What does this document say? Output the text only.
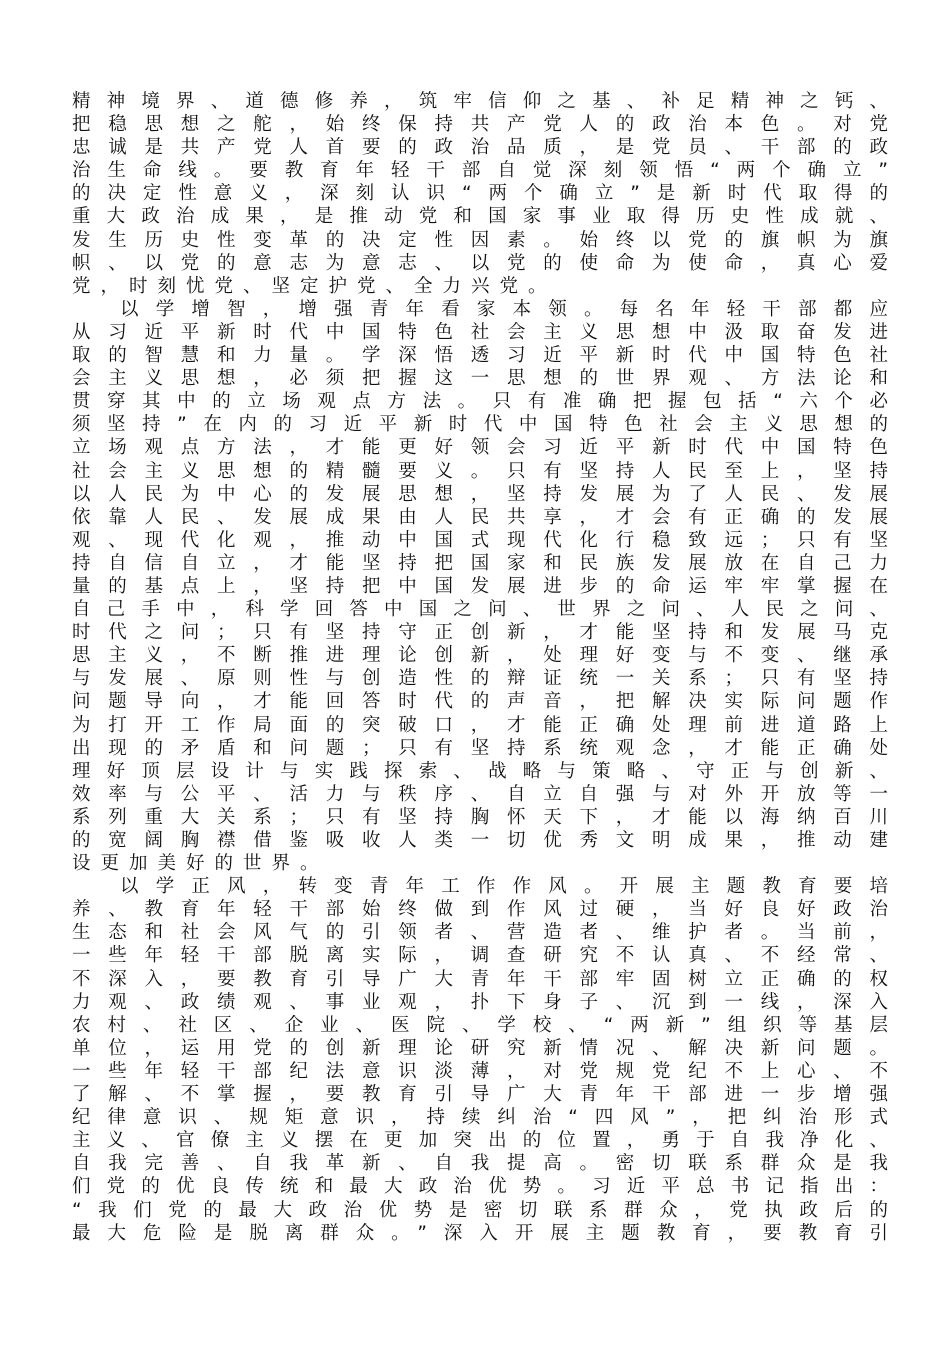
精神境界、道德修养，筑牢信仰之基、补足精神之钙、
把稳思想之舵，始终保持共产党人的政治本色。对党
忠诚是共产党人首要的政治品质，是党员、干部的政
治生命线。要教育年轻干部自觉深刻领悟“两个确立”
的决定性意义，深刻认识“两个确立”是新时代取得的
重大政治成果，是推动党和国家事业取得历史性成就、
发生历史性变革的决定性因素。始终以党的旗帜为旗
帜、以党的意志为意志、以党的使命为使命，真心爱
党，时刻忧党、坚定护党、全力兴党。
以学增智，增强青年看家本领。每名年轻干部都应
从习近平新时代中国特色社会主义思想中汲取奋发进
取的智慧和力量。学深悟透习近平新时代中国特色社
会主义思想，必须把握这一思想的世界观、方法论和
贯穿其中的立场观点方法。只有准确把握包括“六个必
须坚持”在内的习近平新时代中国特色社会主义思想的
立场观点方法，才能更好领会习近平新时代中国特色
社会主义思想的精髓要义。只有坚持人民至上，坚持
以人民为中心的发展思想，坚持发展为了人民、发展
依靠人民、发展成果由人民共享，才会有正确的发展
观、现代化观，推动中国式现代化行稳致远；只有坚
持自信自立，才能坚持把国家和民族发展放在自己力
量的基点上，坚持把中国发展进步的命运牢牢掌握在
自己手中，科学回答中国之问、世界之问、人民之问、
时代之问；只有坚持守正创新，才能坚持和发展马克
思主义，不断推进理论创新，处理好变与不变、继承
与发展、原则性与创造性的辩证统一关系；只有坚持
问题导向，才能回答时代的声音，把解决实际问题作
为打开工作局面的突破口，才能正确处理前进道路上
出现的矛盾和问题；只有坚持系统观念，才能正确处
理好顶层设计与实践探索、战略与策略、守正与创新、
效率与公平、活力与秩序、自立自强与对外开放等一
系列重大关系；只有坚持胸怀天下，才能以海纳百川
的宽阔胸襟借鉴吸收人类一切优秀文明成果，推动建
设更加美好的世界。
以学正风，转变青年工作作风。开展主题教育要培
养、教育年轻干部始终做到作风过硬，当好良好政治
生态和社会风气的引领者、营造者、维护者。当前，
一些年轻干部脱离实际，调查研究不认真、不经常、
不深入，要教育引导广大青年干部牢固树立正确的权
力观、政绩观、事业观，扑下身子、沉到一线，深入
农村、社区、企业、医院、学校、“两新”组织等基层
单位，运用党的创新理论研究新情况、解决新问题。
一些年轻干部纪法意识淡薄，对党规党纪不上心、不
了解、不掌握，要教育引导广大青年干部进一步增强
纪律意识、规矩意识，持续纠治“四风”，把纠治形式
主义、官僚主义摆在更加突出的位置，勇于自我净化、
自我完善、自我革新、自我提高。密切联系群众是我
们党的优良传统和最大政治优势。习近平总书记指出：
“我们党的最大政治优势是密切联系群众，党执政后的
最大危险是脱离群众。”深入开展主题教育，要教育引
